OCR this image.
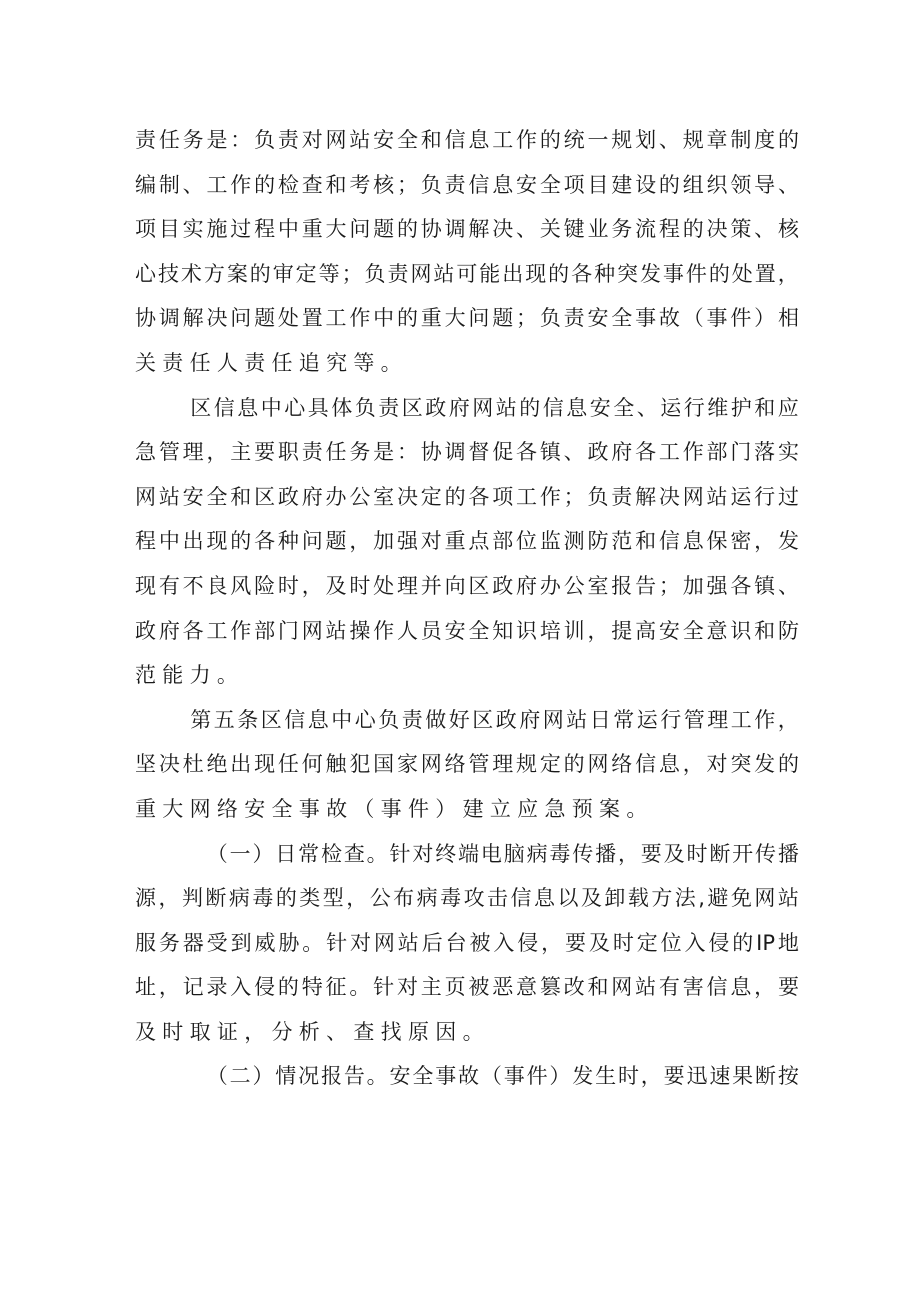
责 任 务 是 ： 负 责 对 网 站 安 全 和 信 息 工 作 的 统 一 规 划 、 规 章 制 度 的
编 制 、 工 作 的 检 查 和 考 核 ； 负 责 信 息 安 全 项 目 建 设 的 组 织 领 导 、
项 目 实 施 过 程 中 重 大 问 题 的 协 调 解 决 、 关 键 业 务 流 程 的 决 策 、 核
心 技 术 方 案 的 审 定 等 ； 负 责 网 站 可 能 出 现 的 各 种 突 发 事 件 的 处 置 ，
协 调 解 决 问 题 处 置 工 作 中 的 重 大 问 题 ； 负 责 安 全 事 故 （ 事 件 ） 相
关 责 任 人 责 任 追 究 等 。
区 信 息 中 心 具 体 负 责 区 政 府 网 站 的 信 息 安 全 、 运 行 维 护 和 应
急 管 理 ， 主 要 职 责 任 务 是 ： 协 调 督 促 各 镇 、 政 府 各 工 作 部 门 落 实
网 站 安 全 和 区 政 府 办 公 室 决 定 的 各 项 工 作 ； 负 责 解 决 网 站 运 行 过
程 中 出 现 的 各 种 问 题 ， 加 强 对 重 点 部 位 监 测 防 范 和 信 息 保 密 ， 发
现 有 不 良 风 险 时 ， 及 时 处 理 并 向 区 政 府 办 公 室 报 告 ； 加 强 各 镇 、
政 府 各 工 作 部 门 网 站 操 作 人 员 安 全 知 识 培 训 ， 提 高 安 全 意 识 和 防
范 能 力 。
第 五 条 区 信 息 中 心 负 责 做 好 区 政 府 网 站 日 常 运 行 管 理 工 作 ，
坚 决 杜 绝 出 现 任 何 触 犯 国 家 网 络 管 理 规 定 的 网 络 信 息 ， 对 突 发 的
重 大 网 络 安 全 事 故 （ 事 件 ） 建 立 应 急 预 案 。
（ 一 ） 日 常 检 查 。 针 对 终 端 电 脑 病 毒 传 播 ， 要 及 时 断 开 传 播
源 ， 判 断 病 毒 的 类 型 ， 公 布 病 毒 攻 击 信 息 以 及 卸 载 方 法 , 避 免 网 站
服 务 器 受 到 威 胁 。 针 对 网 站 后 台 被 入 侵 ， 要 及 时 定 位 入 侵 的 IP 地
址 ， 记 录 入 侵 的 特 征 。 针 对 主 页 被 恶 意 篡 改 和 网 站 有 害 信 息 ， 要
及 时 取 证 ， 分 析 、 查 找 原 因 。
（ 二 ） 情 况 报 告 。 安 全 事 故 （ 事 件 ） 发 生 时 ， 要 迅 速 果 断 按
